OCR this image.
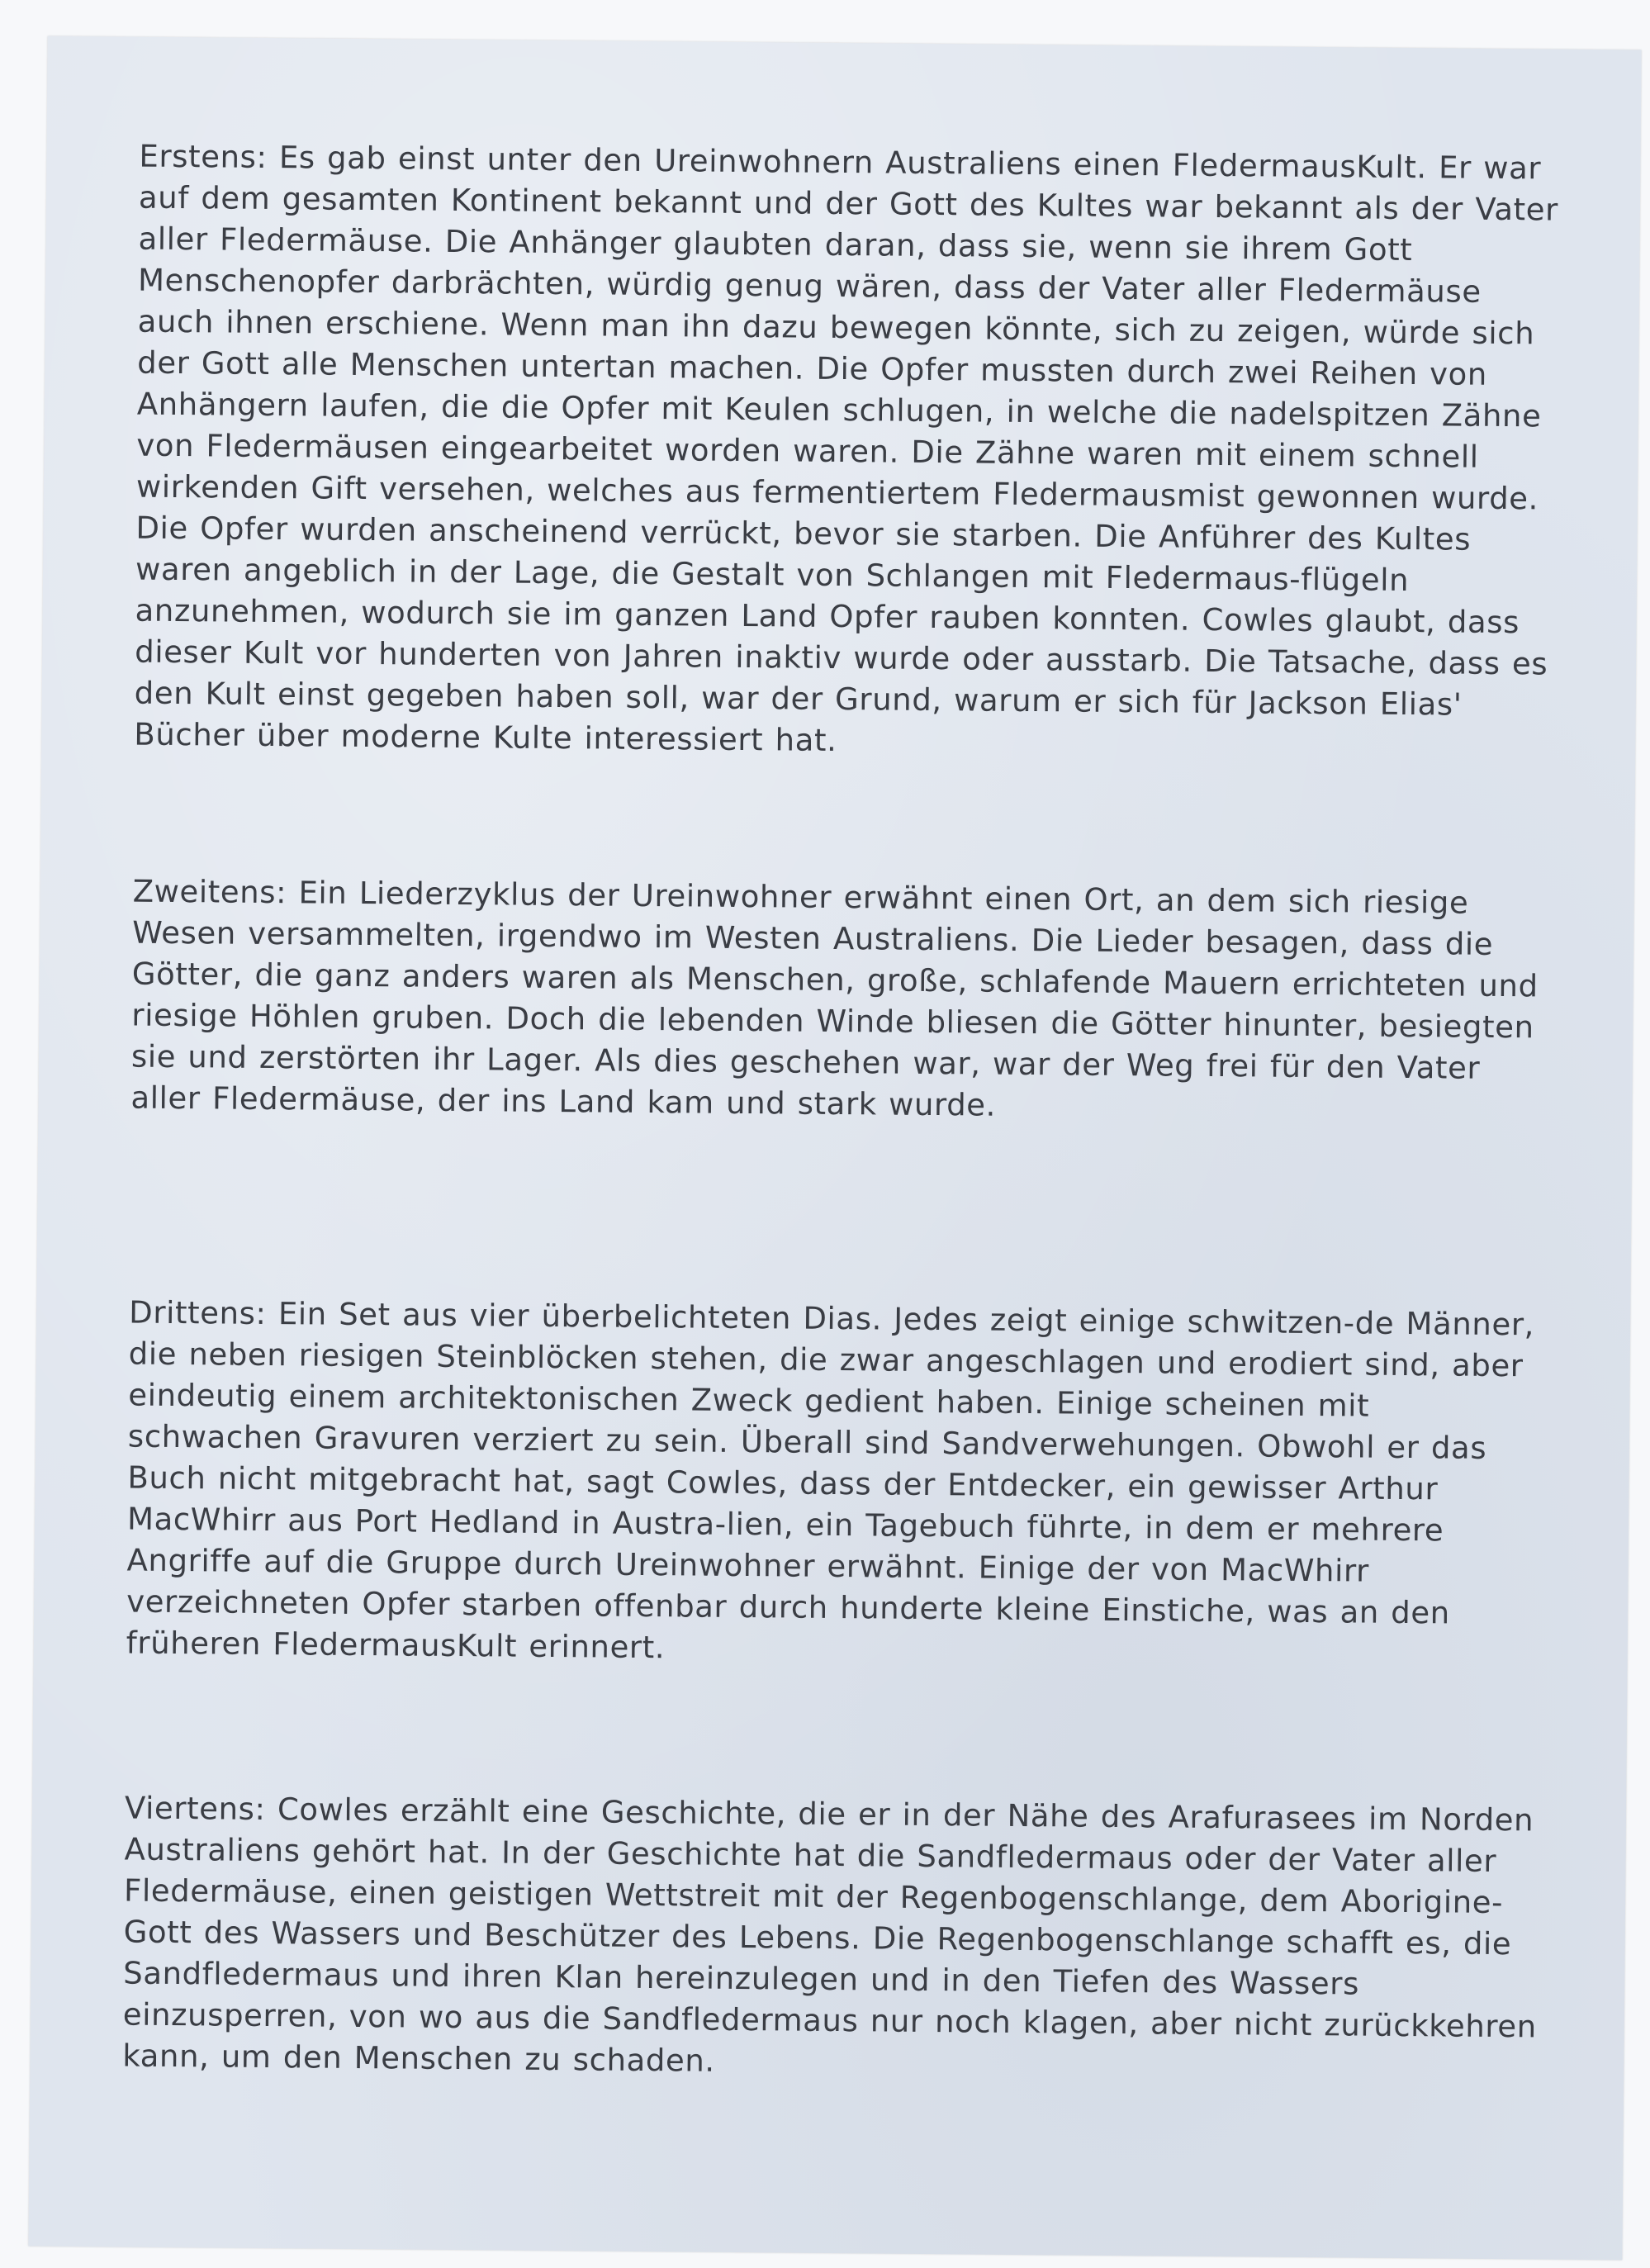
Erstens: Es gab einst unter den Ureinwohnern Australiens einen FledermausKult. Er war auf dem gesamten Kontinent bekannt und der Gott des Kultes war bekannt als der Vater aller Fledermäuse. Die Anhänger glaubten daran, dass sie, wenn sie ihrem Gott Menschenopfer darbrächten, würdig genug wären, dass der Vater aller Fledermäuse auch ihnen erschiene. Wenn man ihn dazu bewegen könnte, sich zu zeigen, würde sich der Gott alle Menschen untertan machen. Die Opfer mussten durch zwei Reihen von Anhängern laufen, die die Opfer mit Keulen schlugen, in welche die nadelspitzen Zähne von Fledermäusen eingearbeitet worden waren. Die Zähne waren mit einem schnell wirkenden Gift versehen, welches aus fermentiertem Fledermausmist gewonnen wurde. Die Opfer wurden anscheinend verrückt, bevor sie starben. Die Anführer des Kultes waren angeblich in der Lage, die Gestalt von Schlangen mit Fledermaus-flügeln anzunehmen, wodurch sie im ganzen Land Opfer rauben konnten. Cowles glaubt, dass dieser Kult vor hunderten von Jahren inaktiv wurde oder ausstarb. Die Tatsache, dass es den Kult einst gegeben haben soll, war der Grund, warum er sich für Jackson Elias' Bücher über moderne Kulte interessiert hat.

Zweitens: Ein Liederzyklus der Ureinwohner erwähnt einen Ort, an dem sich riesige Wesen versammelten, irgendwo im Westen Australiens. Die Lieder besagen, dass die Götter, die ganz anders waren als Menschen, große, schlafende Mauern errichteten und riesige Höhlen gruben. Doch die lebenden Winde bliesen die Götter hinunter, besiegten sie und zerstörten ihr Lager. Als dies geschehen war, war der Weg frei für den Vater aller Fledermäuse, der ins Land kam und stark wurde.

Drittens: Ein Set aus vier überbelichteten Dias. Jedes zeigt einige schwitzen-de Männer, die neben riesigen Steinblöcken stehen, die zwar angeschlagen und erodiert sind, aber eindeutig einem architektonischen Zweck gedient haben. Einige scheinen mit schwachen Gravuren verziert zu sein. Überall sind Sandverwehungen. Obwohl er das Buch nicht mitgebracht hat, sagt Cowles, dass der Entdecker, ein gewisser Arthur MacWhirr aus Port Hedland in Austra-lien, ein Tagebuch führte, in dem er mehrere Angriffe auf die Gruppe durch Ureinwohner erwähnt. Einige der von MacWhirr verzeichneten Opfer starben offenbar durch hunderte kleine Einstiche, was an den früheren FledermausKult erinnert.

Viertens: Cowles erzählt eine Geschichte, die er in der Nähe des Arafurasees im Norden Australiens gehört hat. In der Geschichte hat die Sandfledermaus oder der Vater aller Fledermäuse, einen geistigen Wettstreit mit der Regenbogenschlange, dem Aborigine-Gott des Wassers und Beschützer des Lebens. Die Regenbogenschlange schafft es, die Sandfledermaus und ihren Klan hereinzulegen und in den Tiefen des Wassers einzusperren, von wo aus die Sandfledermaus nur noch klagen, aber nicht zurückkehren kann, um den Menschen zu schaden.
